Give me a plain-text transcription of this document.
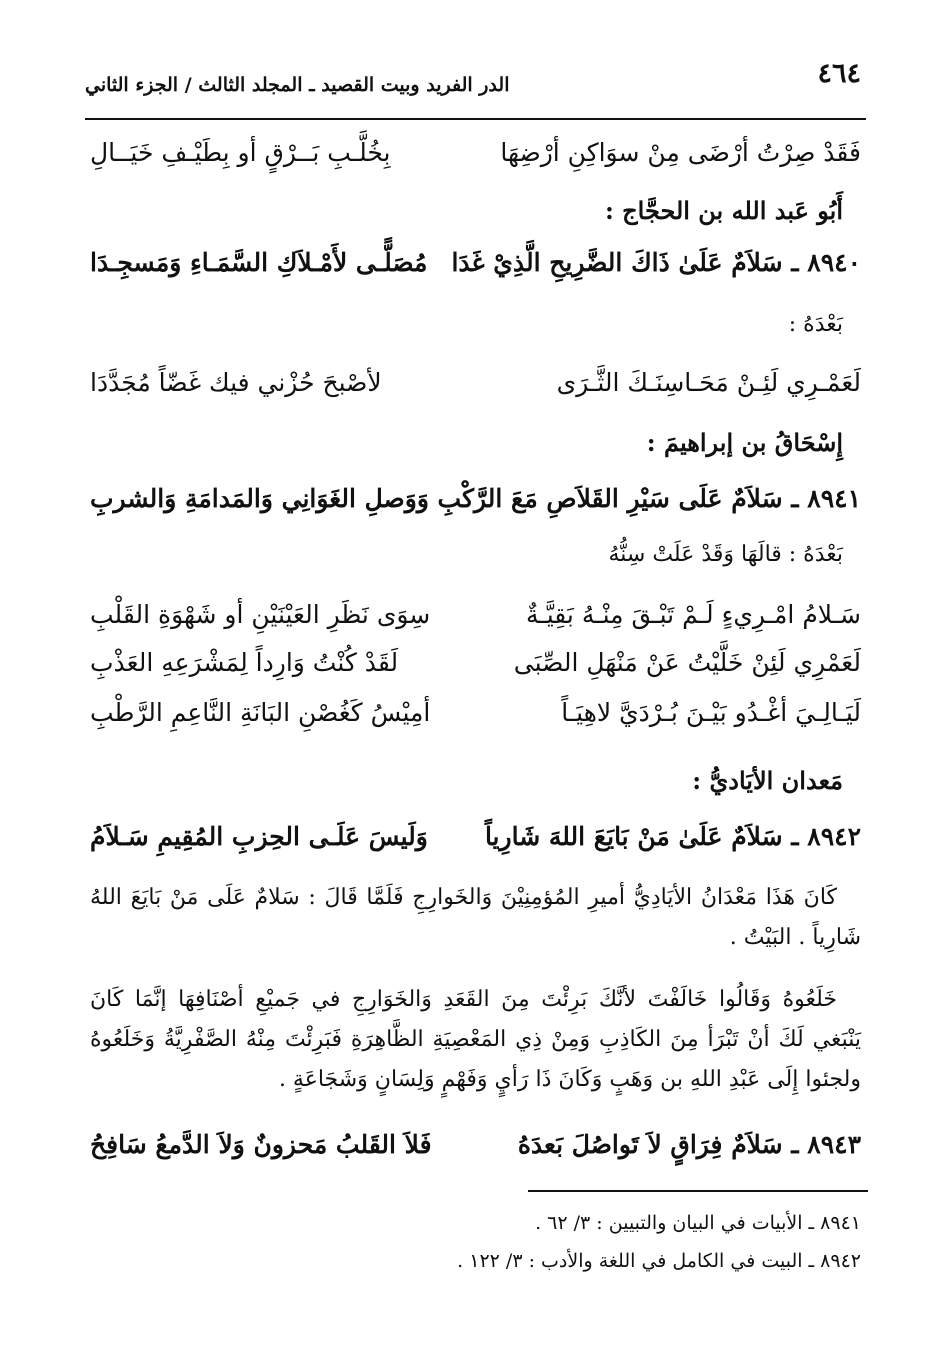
٤٦٤
الدر الفريد وبيت القصيد ـ المجلد الثالث / الجزء الثاني
فَقَدْ صِرْتُ أرْضَى مِنْ سوَاكِنِ أرْضِهَا
بِخُلَّـبِ بَــرْقٍ أو بِطَيْـفِ خَيَــالِ
أَبُو عَبد الله بن الحجَّاج :
٨٩٤٠ ـ سَلاَمٌ عَلَىٰ ذَاكَ الضَّرِيحِ الَّذِيْ غَدَا
مُصَلًّـى لأَمْـلاَكِ السَّمَـاءِ وَمَسجِـدَا
بَعْدَهُ :
لَعَمْـرِي لَئِـنْ مَحَـاسِنَـكَ الثَّـرَى
لأصْبحَ حُزْني فيك غَضّاً مُجَدَّدَا
إِسْحَاقُ بن إبراهيمَ :
٨٩٤١ ـ سَلاَمٌ عَلَى سَيْرِ القَلاَصِ مَعَ الرَّكْبِ
وَوَصلِ الغَوَانِي وَالمَدامَةِ وَالشربِ
بَعْدَهُ : قالَهَا وَقَدْ عَلَتْ سِنُّهُ
سَـلامُ امْـرِيءٍ لَـمْ تَبْـقَ مِنْـهُ بَقِيَّـةٌ
سِوَى نَظَرِ العَيْنَيْنِ أو شَهْوَةِ القَلْبِ
لَعَمْرِي لَئِنْ خَلَّيْتُ عَنْ مَنْهَلِ الصِّبَى
لَقَدْ كُنْتُ وَارِداً لِمَشْرَعِهِ العَذْبِ
لَيَـالِـيَ أغْـدُو بَيْـنَ بُـرْدَيَّ لاهِيَـاً
أمِيْسُ كَغُصْنِ البَانَةِ النَّاعِمِ الرَّطْبِ
مَعدان الأيَاديُّ :
٨٩٤٢ ـ سَلاَمٌ عَلَىٰ مَنْ بَايَعَ اللهَ شَارِياً
وَلَيسَ عَلَـى الحِزبِ المُقِيمِ سَـلاَمُ
كَانَ هَذَا مَعْدَانُ الأيَادِيُّ أميرِ المُؤمِنِيْنَ وَالخَوارِجِ فَلَمَّا قَالَ : سَلامٌ عَلَى مَنْ بَايَعَ اللهُ شَارِياً . البَيْتُ .
خَلَعُوهُ وَقَالُوا خَالَفْتَ لأنَّكَ بَرِئْتَ مِنَ القَعَدِ وَالخَوَارِجِ في جَميْعِ أصْنَافِهَا إنَّمَا كَانَ يَنْبَغي لَكَ أنْ تَبْرَأ مِنَ الكَاذِبِ وَمِنْ ذِي المَعْصِيَةِ الظَّاهِرَةِ فَبَرِئْتَ مِنْهُ الصَّفْرِيَّةُ وَخَلَعُوهُ ولجئوا إِلَى عَبْدِ اللهِ بن وَهَبٍ وَكَانَ ذَا رَأيٍ وَفَهْمٍ وَلِسَانٍ وَشَجَاعَةٍ .
٨٩٤٣ ـ سَلاَمٌ فِرَاقٍ لاَ تَواصُلَ بَعدَهُ
فَلاَ القَلبُ مَحزونٌ وَلاَ الدَّمعُ سَافِحُ
٨٩٤١ ـ الأبيات في البيان والتبيين : ٣/ ٦٢ .
٨٩٤٢ ـ البيت في الكامل في اللغة والأدب : ٣/ ١٢٢ .
